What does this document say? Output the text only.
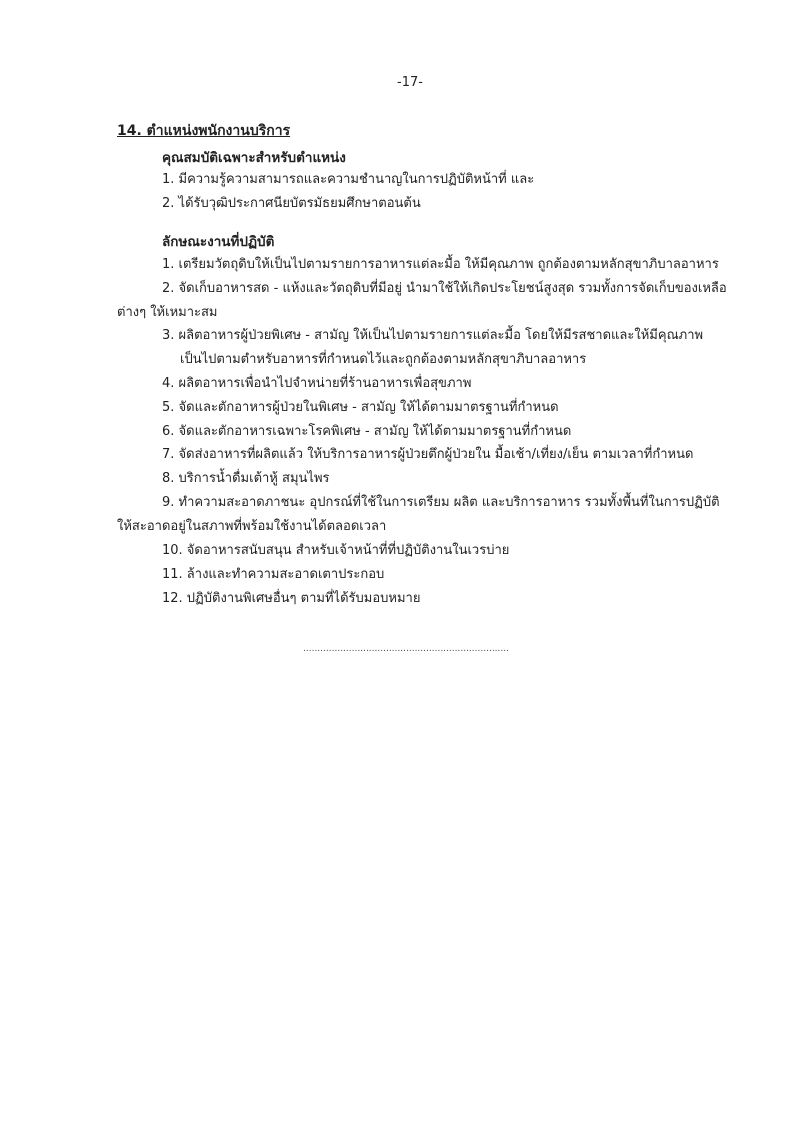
-17-
14. ตำแหน่งพนักงานบริการ
คุณสมบัติเฉพาะสำหรับตำแหน่ง
1. มีความรู้ความสามารถและความชำนาญในการปฏิบัติหน้าที่ และ
2. ได้รับวุฒิประกาศนียบัตรมัธยมศึกษาตอนต้น
ลักษณะงานที่ปฏิบัติ
1. เตรียมวัตถุดิบให้เป็นไปตามรายการอาหารแต่ละมื้อ ให้มีคุณภาพ ถูกต้องตามหลักสุขาภิบาลอาหาร
2. จัดเก็บอาหารสด - แห้งและวัตถุดิบที่มีอยู่ นำมาใช้ให้เกิดประโยชน์สูงสุด รวมทั้งการจัดเก็บของเหลือ
ต่างๆ ให้เหมาะสม
3. ผลิตอาหารผู้ป่วยพิเศษ - สามัญ ให้เป็นไปตามรายการแต่ละมื้อ โดยให้มีรสชาดและให้มีคุณภาพ
เป็นไปตามตำหรับอาหารที่กำหนดไว้และถูกต้องตามหลักสุขาภิบาลอาหาร
4. ผลิตอาหารเพื่อนำไปจำหน่ายที่ร้านอาหารเพื่อสุขภาพ
5. จัดและตักอาหารผู้ป่วยในพิเศษ - สามัญ ให้ได้ตามมาตรฐานที่กำหนด
6. จัดและตักอาหารเฉพาะโรคพิเศษ - สามัญ ให้ได้ตามมาตรฐานที่กำหนด
7. จัดส่งอาหารที่ผลิตแล้ว ให้บริการอาหารผู้ป่วยตึกผู้ป่วยใน มื้อเช้า/เที่ยง/เย็น ตามเวลาที่กำหนด
8. บริการน้ำดื่มเต้าหู้ สมุนไพร
9. ทำความสะอาดภาชนะ อุปกรณ์ที่ใช้ในการเตรียม ผลิต และบริการอาหาร รวมทั้งพื้นที่ในการปฏิบัติ
ให้สะอาดอยู่ในสภาพที่พร้อมใช้งานได้ตลอดเวลา
10. จัดอาหารสนับสนุน สำหรับเจ้าหน้าที่ที่ปฏิบัติงานในเวรบ่าย
11. ล้างและทำความสะอาดเตาประกอบ
12. ปฏิบัติงานพิเศษอื่นๆ ตามที่ได้รับมอบหมาย
........................................................................
